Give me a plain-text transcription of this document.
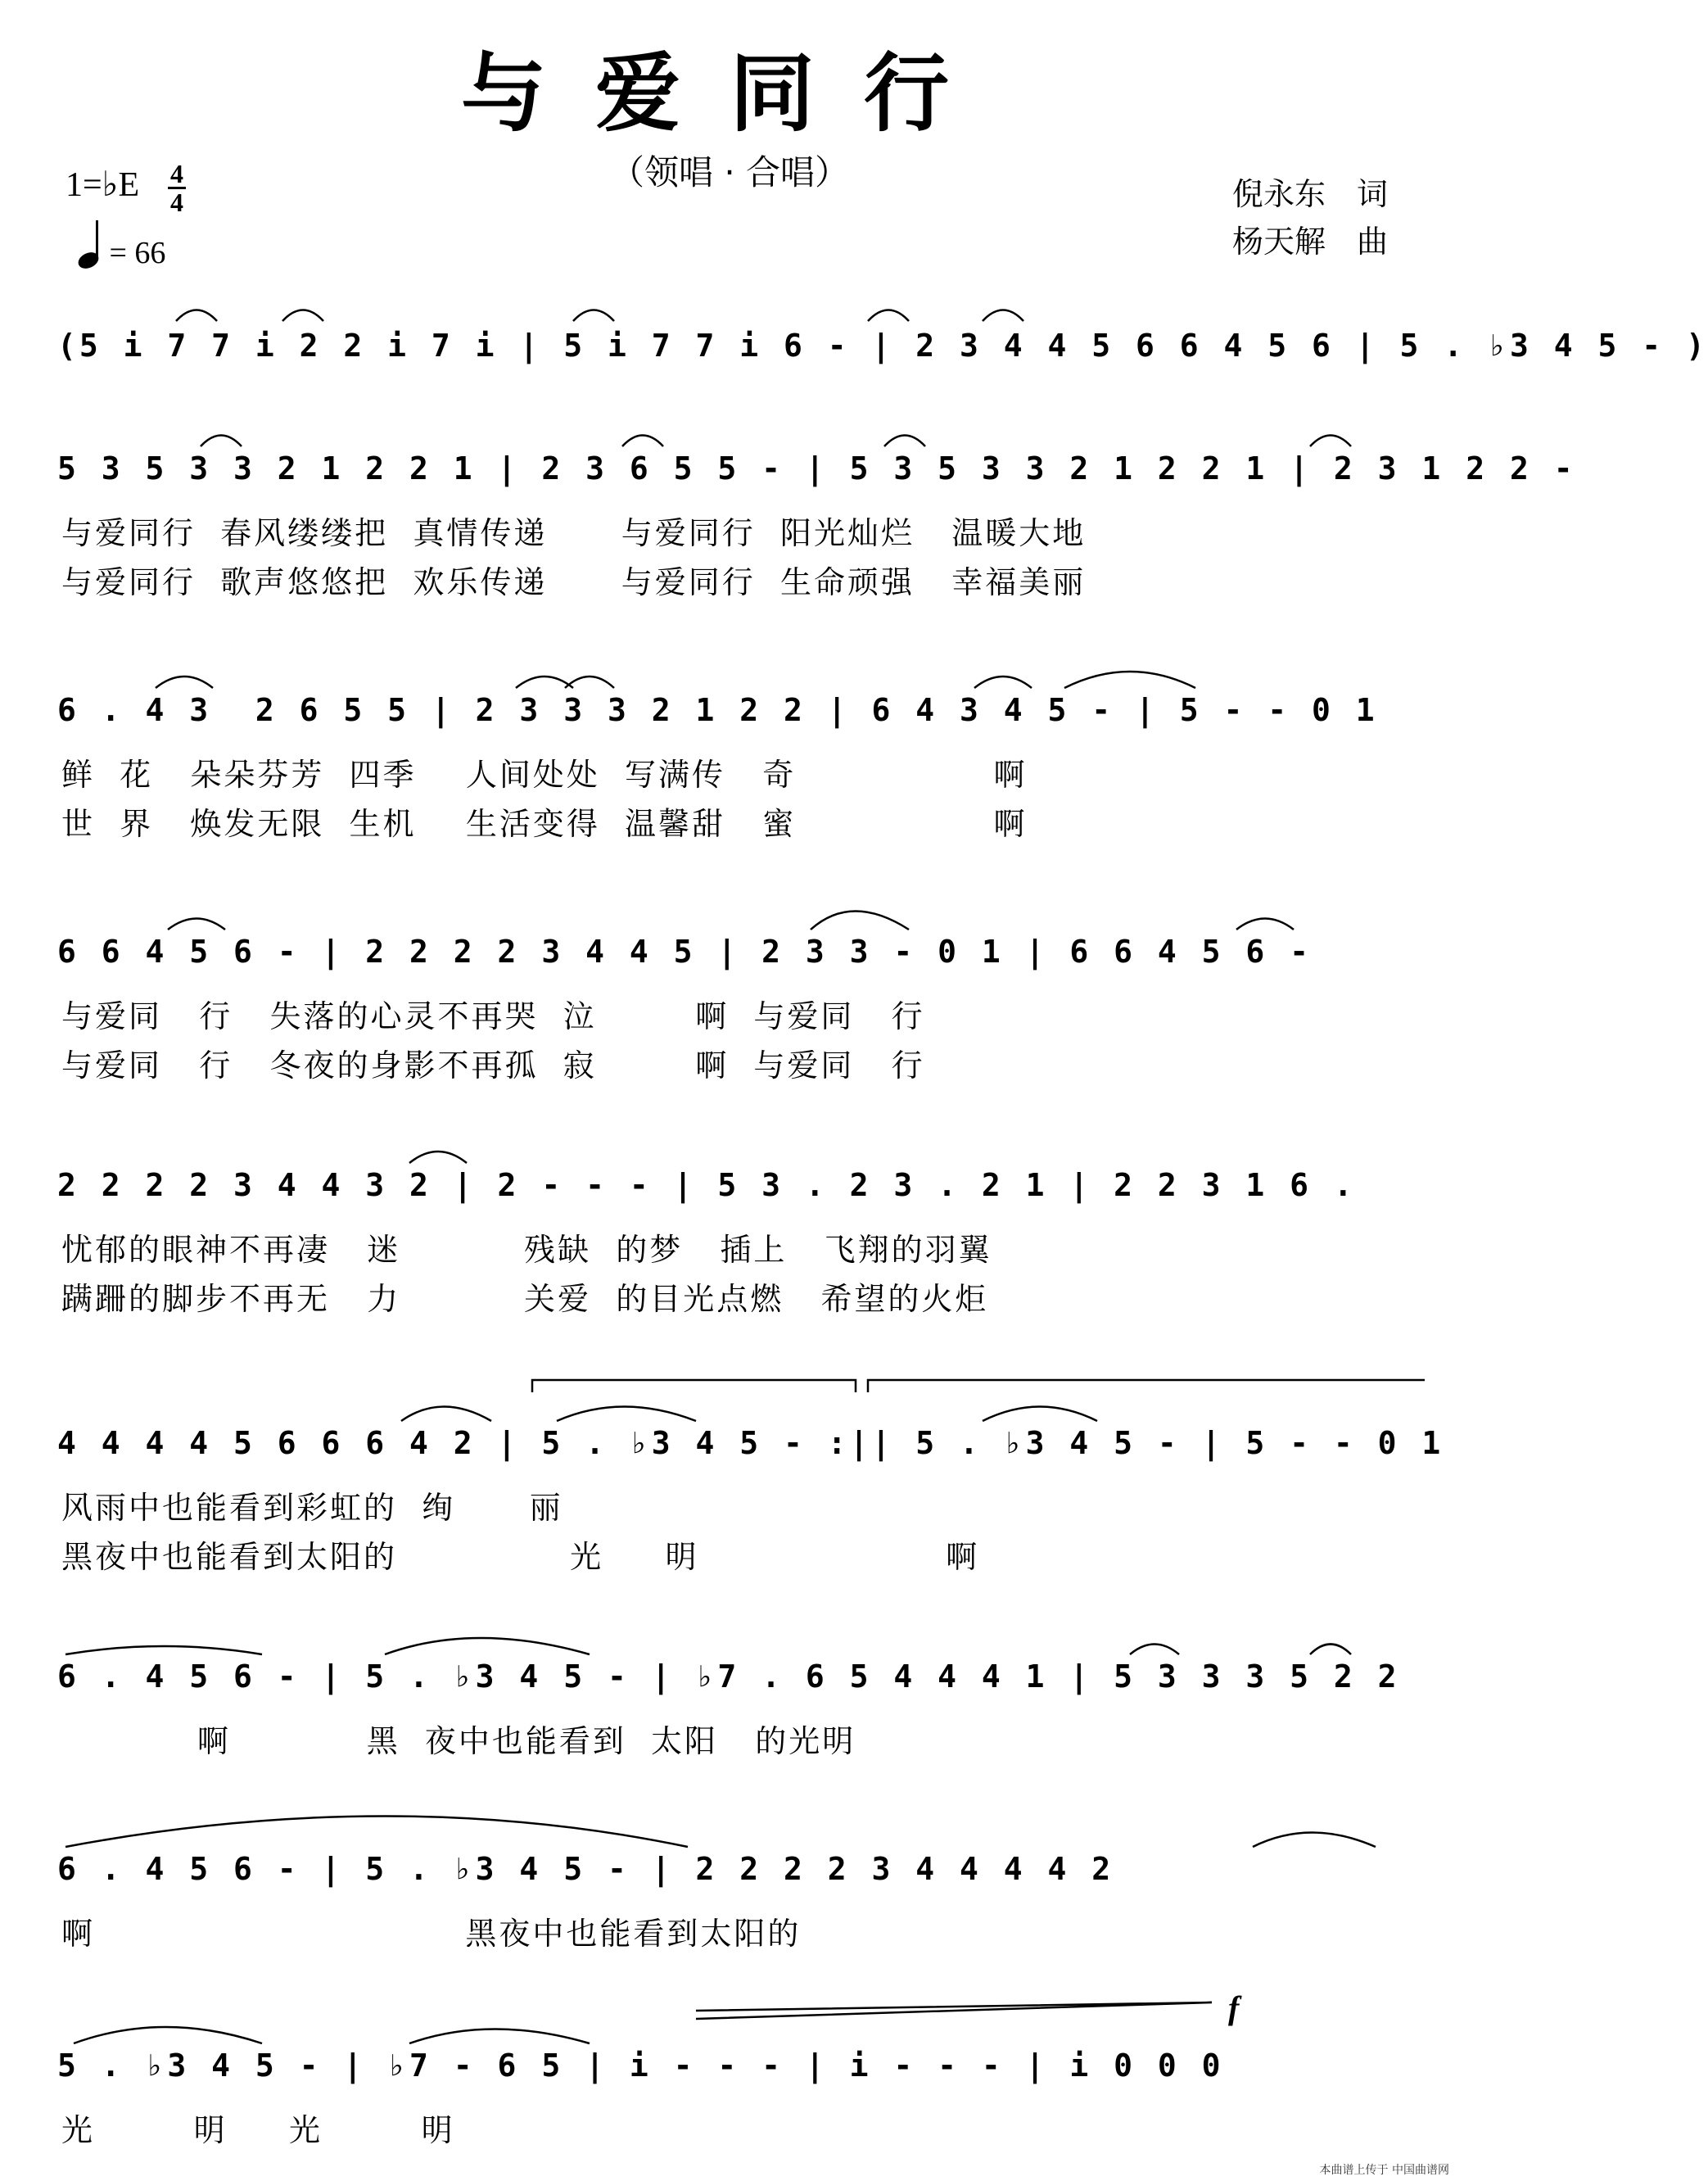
与爱同行
（领唱 · 合唱）
1=♭E 4
4
= 66
倪永东　词
杨天解　曲
(5 i 7 7 i 2 2 i 7 i | 5 i 7 7 i 6 - | 2 3 4 4 5 6 6 4 5 6 | 5 . ♭3 4 5 - )
5 3 5 3 3 2 1 2 2 1 | 2 3 6 5 5 - | 5 3 5 3 3 2 1 2 2 1 | 2 3 1 2 2 -
与爱同行  春风缕缕把  真情传递      与爱同行  阳光灿烂   温暖大地
与爱同行  歌声悠悠把  欢乐传递      与爱同行  生命顽强   幸福美丽
6 . 4 3  2 6 5 5 | 2 3 3 3 2 1 2 2 | 6 4 3 4 5 - | 5 - - 0 1
鲜  花   朵朵芬芳  四季    人间处处  写满传   奇                啊
世  界   焕发无限  生机    生活变得  温馨甜   蜜                啊
6 6 4 5 6 - | 2 2 2 2 3 4 4 5 | 2 3 3 - 0 1 | 6 6 4 5 6 -
与爱同   行   失落的心灵不再哭  泣        啊  与爱同   行
与爱同   行   冬夜的身影不再孤  寂        啊  与爱同   行
2 2 2 2 3 4 4 3 2 | 2 - - - | 5 3 . 2 3 . 2 1 | 2 2 3 1 6 .
忧郁的眼神不再凄   迷          残缺  的梦   插上   飞翔的羽翼
蹒跚的脚步不再无   力          关爱  的目光点燃   希望的火炬
4 4 4 4 5 6 6 6 4 2 | 5 . ♭3 4 5 - :|| 5 . ♭3 4 5 - | 5 - - 0 1
风雨中也能看到彩虹的  绚      丽
黑夜中也能看到太阳的              光     明                    啊
6 . 4 5 6 - | 5 . ♭3 4 5 - | ♭7 . 6 5 4 4 4 1 | 5 3 3 3 5 2 2
啊           黑  夜中也能看到  太阳   的光明
6 . 4 5 6 - | 5 . ♭3 4 5 - | 2 2 2 2 3 4 4 4 4 2
啊                              黑夜中也能看到太阳的
5 . ♭3 4 5 - | ♭7 - 6 5 | i - - - | i - - - | i 0 0 0
光        明     光        明
f
本曲谱上传于 中国曲谱网
